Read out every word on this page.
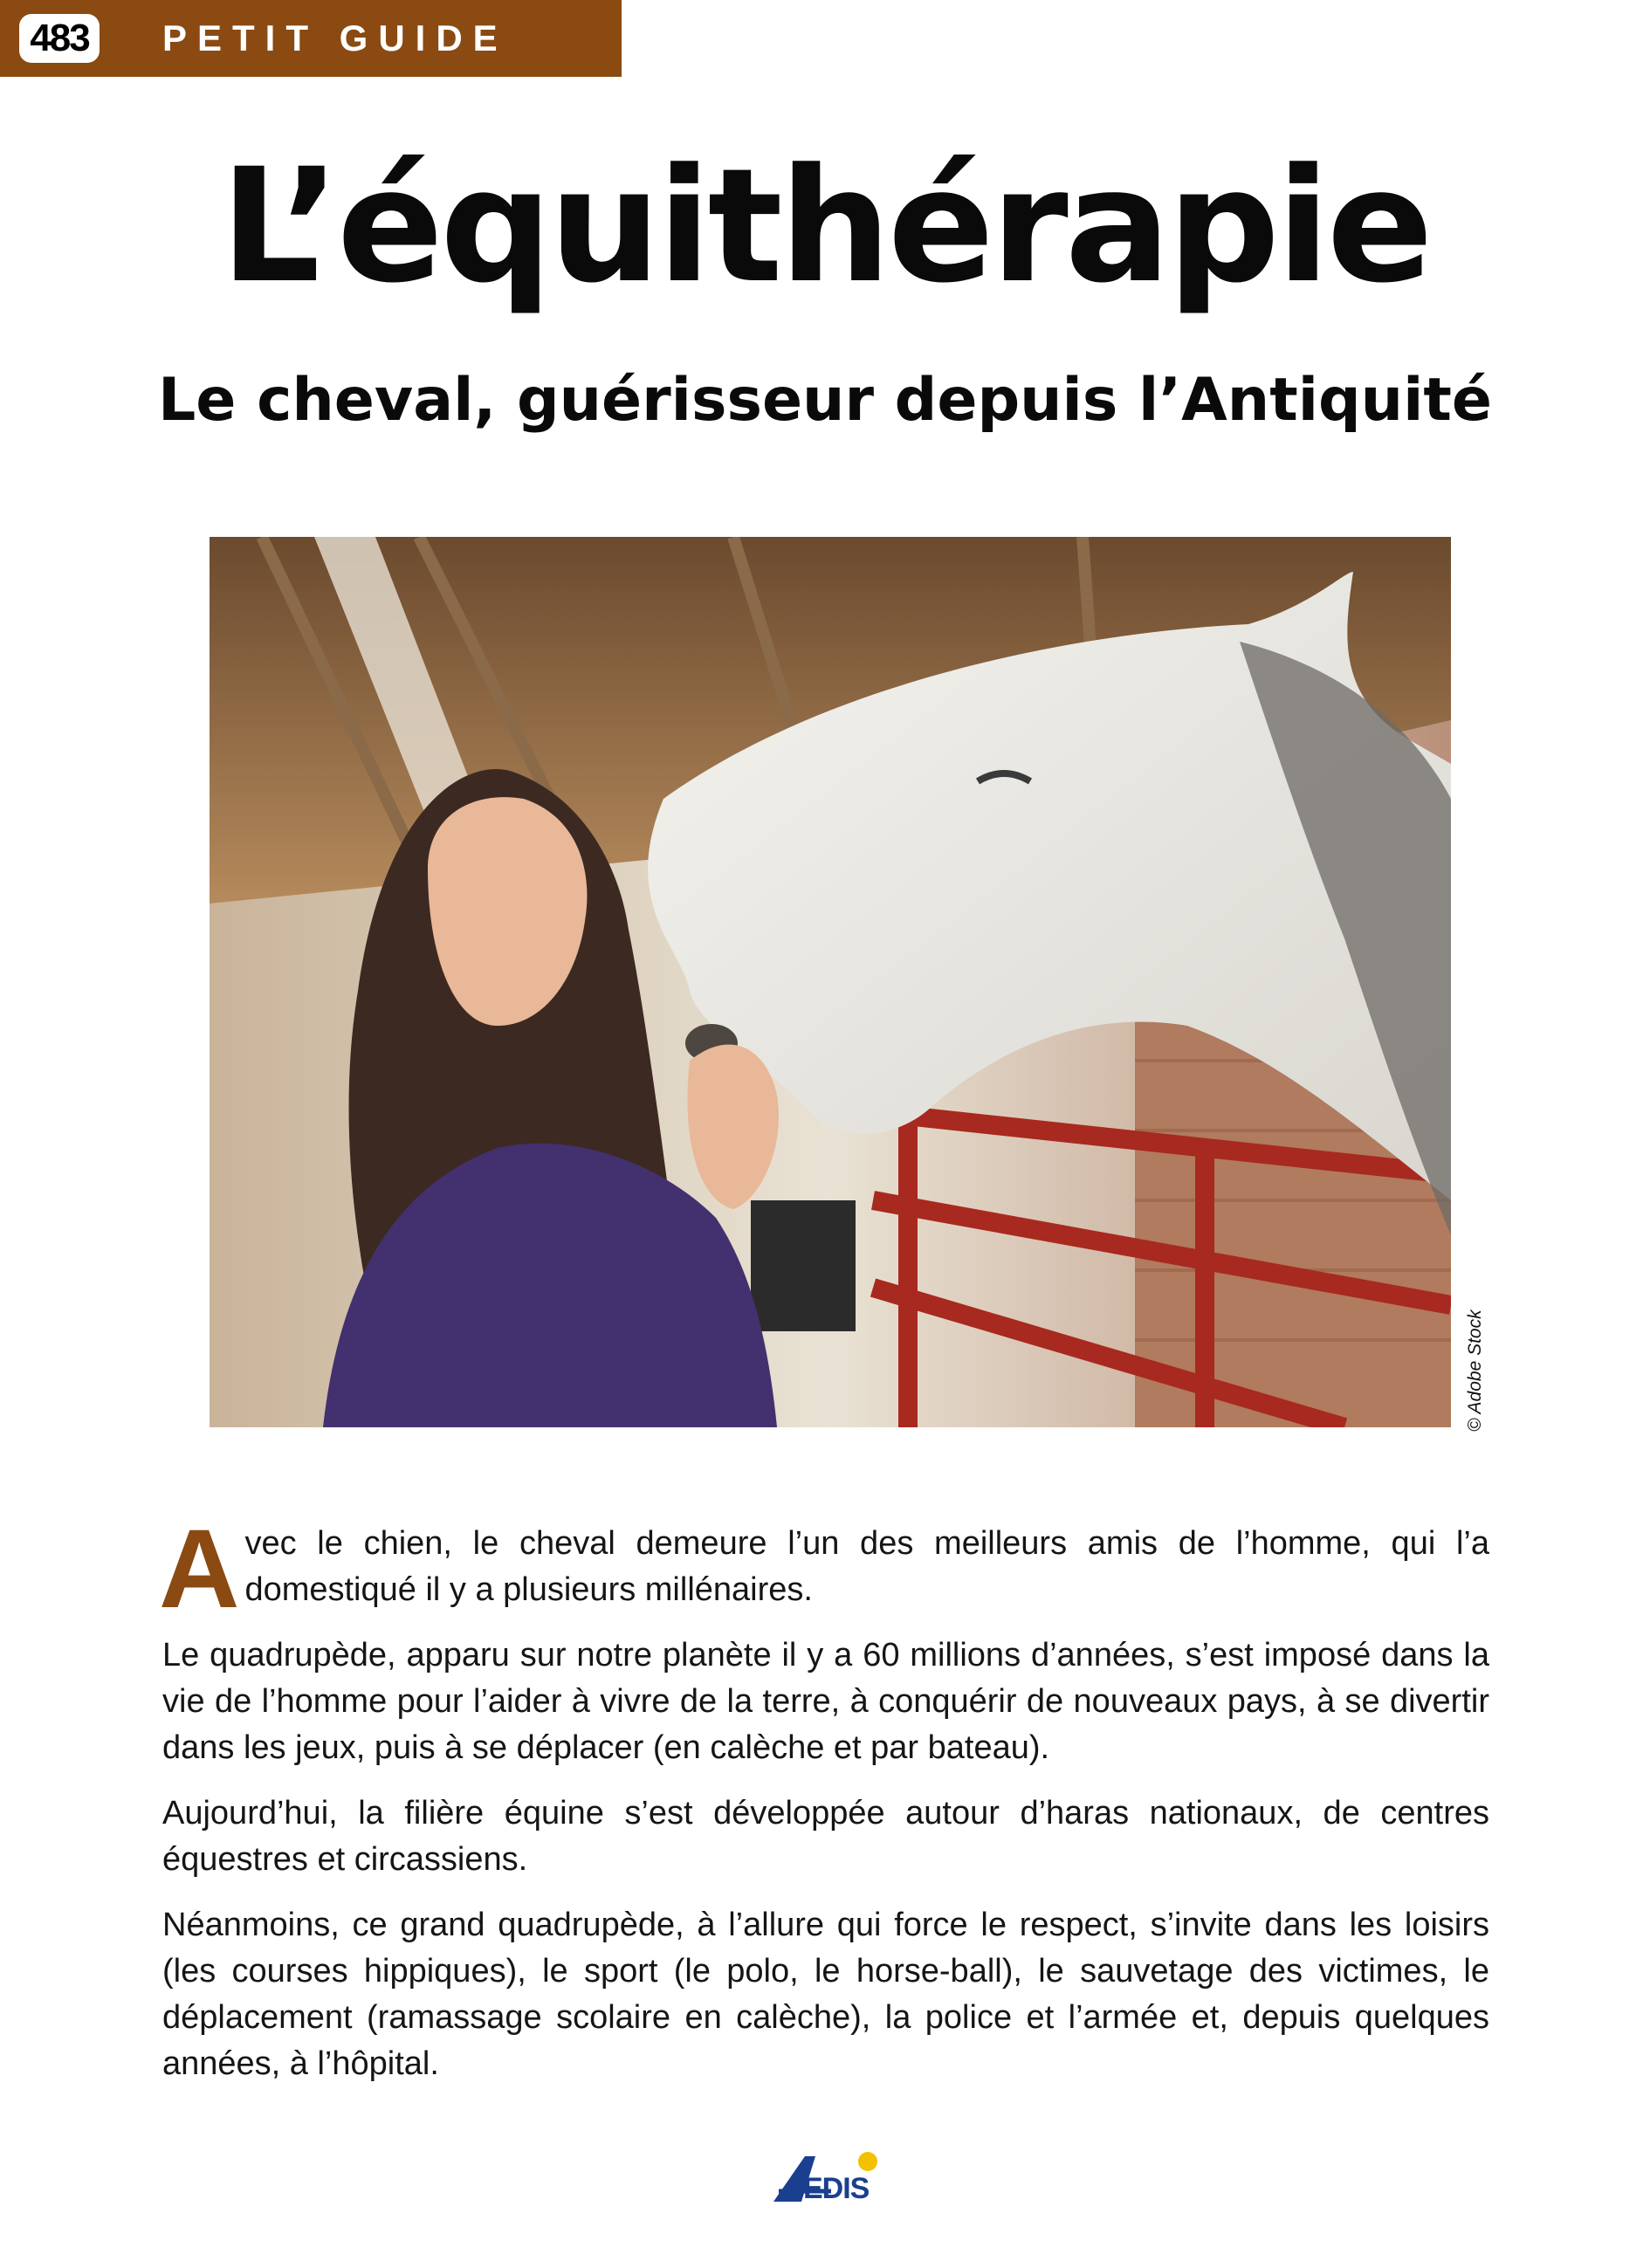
483 PETIT GUIDE
L’équithérapie
Le cheval, guérisseur depuis l’Antiquité
© Adobe Stock

Avec le chien, le cheval demeure l’un des meilleurs amis de l’homme, qui l’a domestiqué il y a plusieurs millénaires.

Le quadrupède, apparu sur notre planète il y a 60 millions d’années, s’est imposé dans la vie de l’homme pour l’aider à vivre de la terre, à conquérir de nouveaux pays, à se divertir dans les jeux, puis à se déplacer (en calèche et par bateau).

Aujourd’hui, la filière équine s’est développée autour d’haras nationaux, de centres équestres et circassiens.

Néanmoins, ce grand quadrupède, à l’allure qui force le respect, s’invite dans les loisirs (les courses hippiques), le sport (le polo, le horse-ball), le sauvetage des victimes, le déplacement (ramassage scolaire en calèche), la police et l’armée et, depuis quelques années, à l’hôpital.

EDIS
